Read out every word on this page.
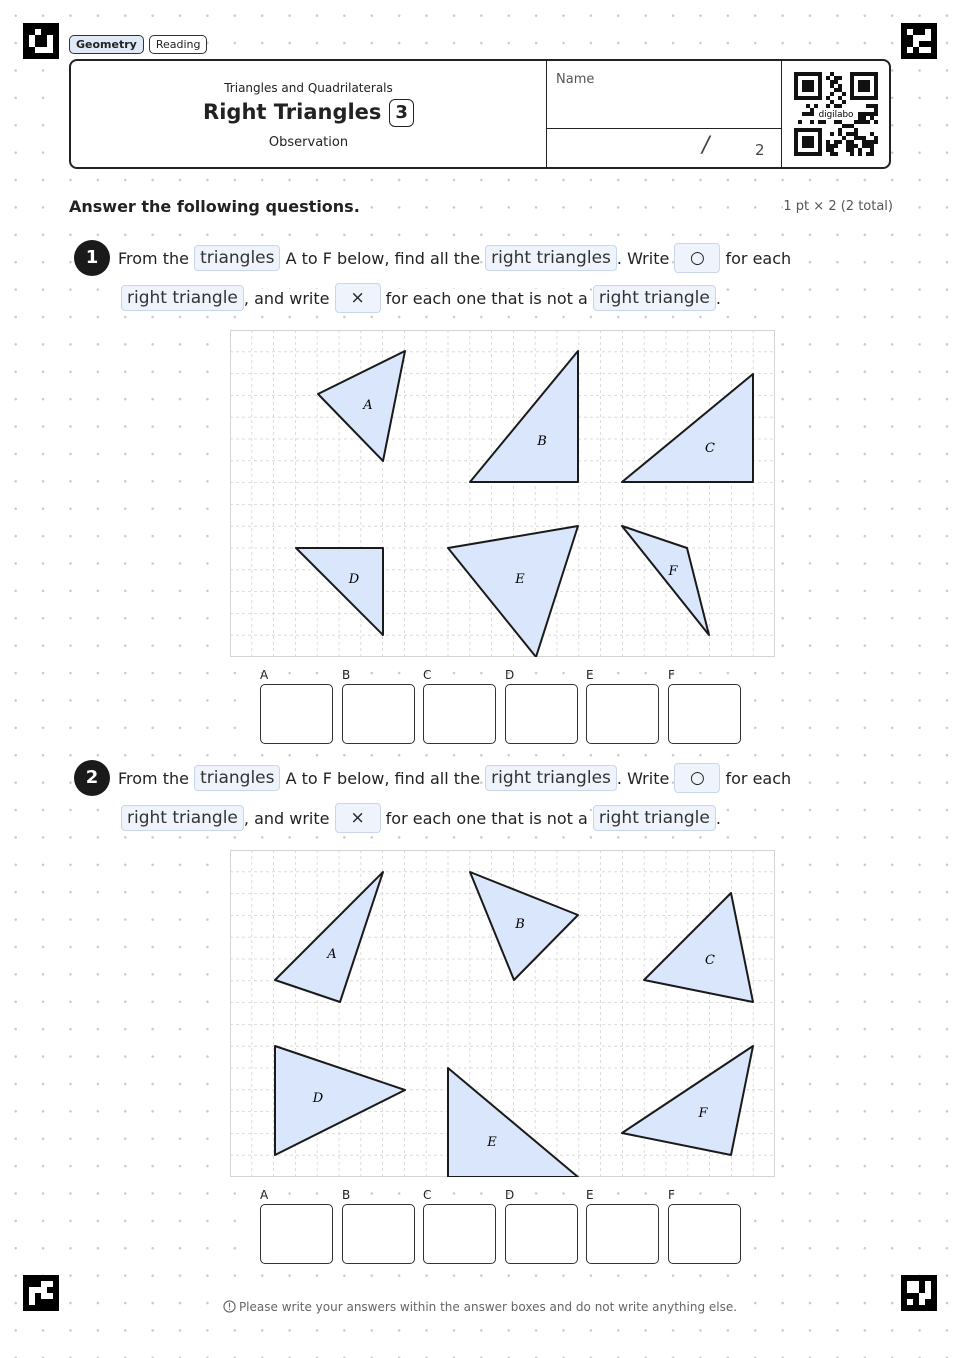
Geometry	Reading
Triangles and Quadrilaterals
Right Triangles 3
Observation
Name
/	2
digilabo
Answer the following questions.	1 pt × 2 (2 total)
1	From the triangles A to F below, find all the right triangles . Write ○ for each
right triangle , and write × for each one that is not a right triangle .
A
B	C
D	E
F
A	B	C	D	E	F
2	From the triangles A to F below, find all the right triangles . Write ○ for each
right triangle , and write × for each one that is not a right triangle .
A
B
C
D
E
F
A	B	C	D	E	F
Please write your answers within the answer boxes and do not write anything else.
